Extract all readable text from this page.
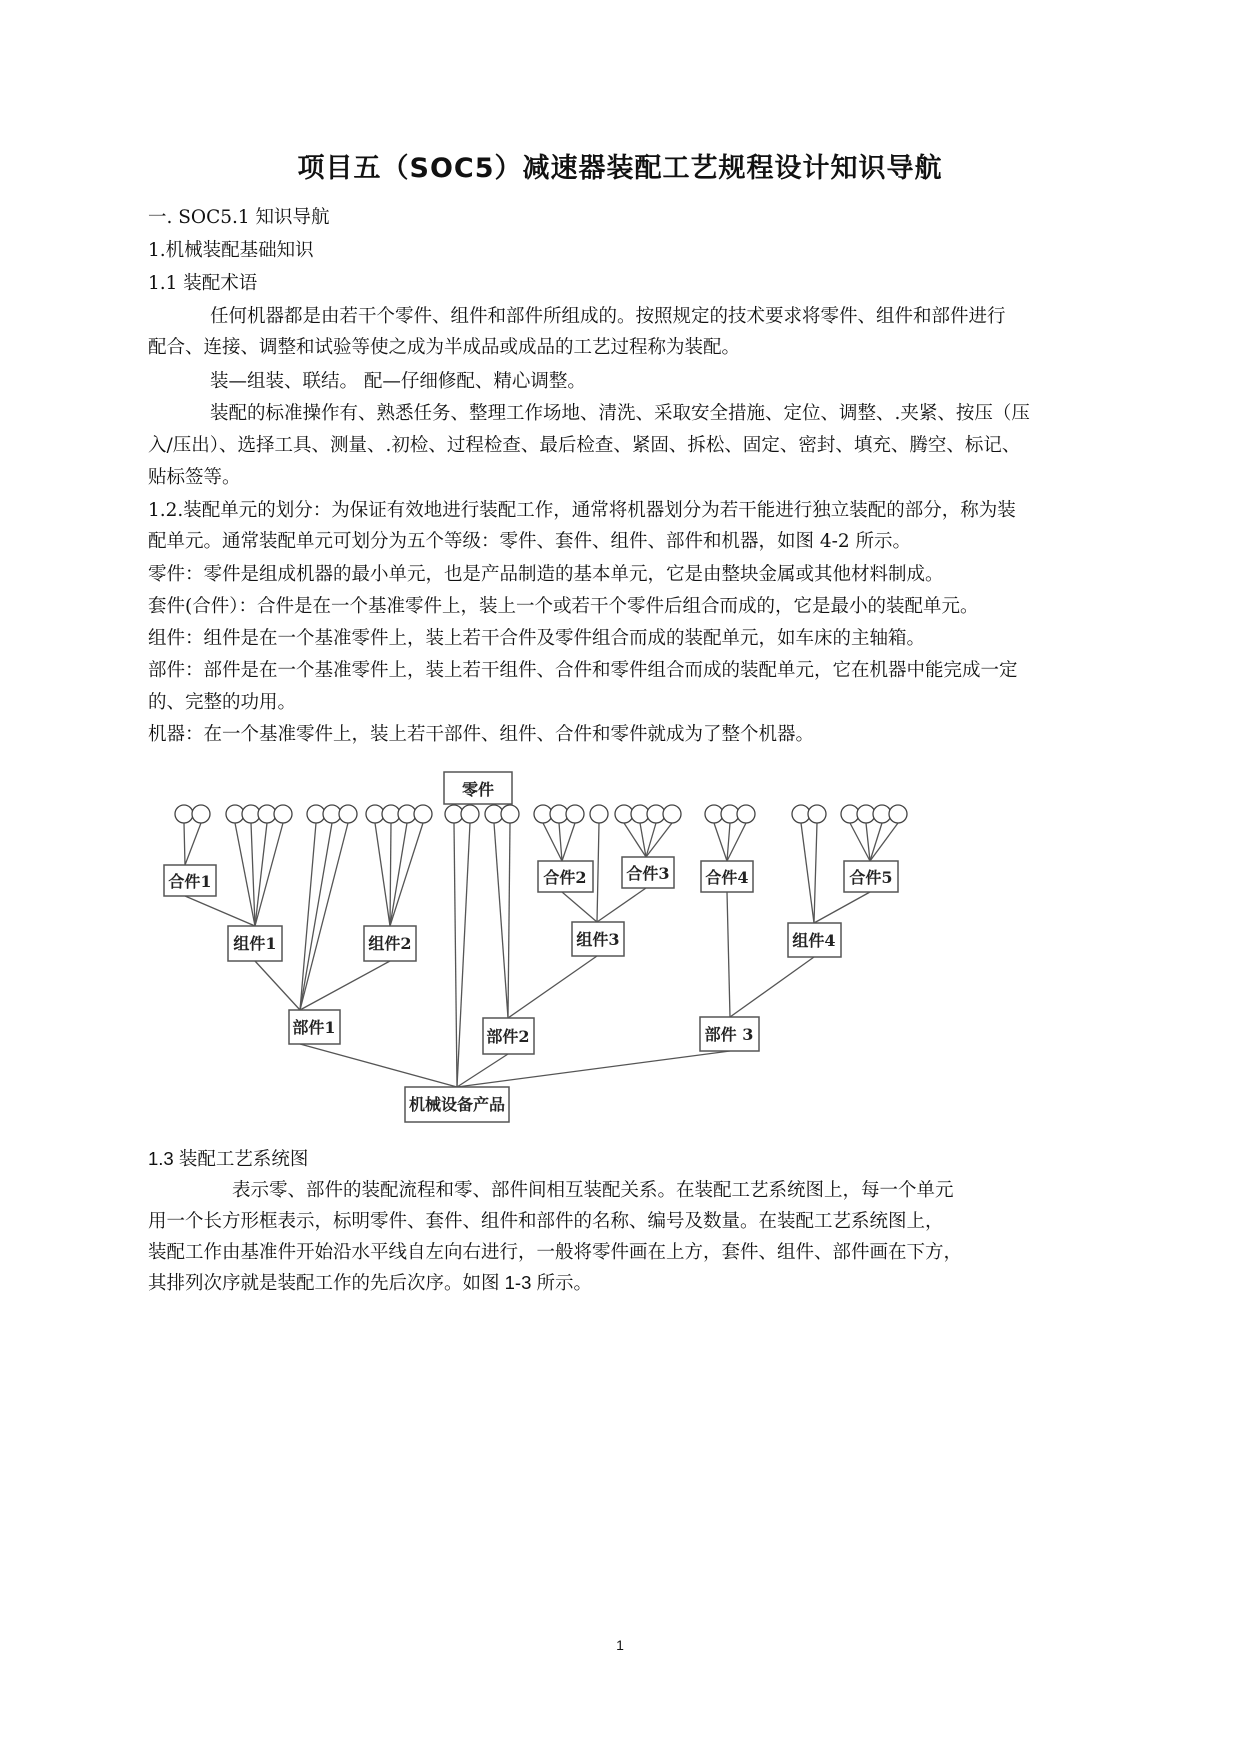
项目五（SOC5）减速器装配工艺规程设计知识导航

一. SOC5.1 知识导航

1.机械装配基础知识

1.1 装配术语

任何机器都是由若干个零件、组件和部件所组成的。按照规定的技术要求将零件、组件和部件进行

配合、连接、调整和试验等使之成为半成品或成品的工艺过程称为装配。

装—组装、联结。 配—仔细修配、精心调整。

装配的标准操作有、熟悉任务、整理工作场地、清洗、采取安全措施、定位、调整、.夹紧、按压（压

入/压出）、选择工具、测量、.初检、过程检查、最后检查、紧固、拆松、固定、密封、填充、腾空、标记、

贴标签等。

1.2.装配单元的划分：为保证有效地进行装配工作，通常将机器划分为若干能进行独立装配的部分，称为装

配单元。通常装配单元可划分为五个等级：零件、套件、组件、部件和机器，如图 4-2 所示。

零件：零件是组成机器的最小单元，也是产品制造的基本单元，它是由整块金属或其他材料制成。

套件(合件）：合件是在一个基准零件上，装上一个或若干个零件后组合而成的，它是最小的装配单元。

组件：组件是在一个基准零件上，装上若干合件及零件组合而成的装配单元，如车床的主轴箱。

部件：部件是在一个基准零件上，装上若干组件、合件和零件组合而成的装配单元，它在机器中能完成一定

的、完整的功用。

机器：在一个基准零件上，装上若干部件、组件、合件和零件就成为了整个机器。

零件
合件1	合件2 合件3 合件4	合件5
组件1	组件2	组件3	组件4
部件1	部件2	部件 3
机械设备产品

1.3 装配工艺系统图

表示零、部件的装配流程和零、部件间相互装配关系。在装配工艺系统图上，每一个单元

用一个长方形框表示，标明零件、套件、组件和部件的名称、编号及数量。在装配工艺系统图上，

装配工作由基准件开始沿水平线自左向右进行，一般将零件画在上方，套件、组件、部件画在下方，

其排列次序就是装配工作的先后次序。如图 1-3 所示。

1
